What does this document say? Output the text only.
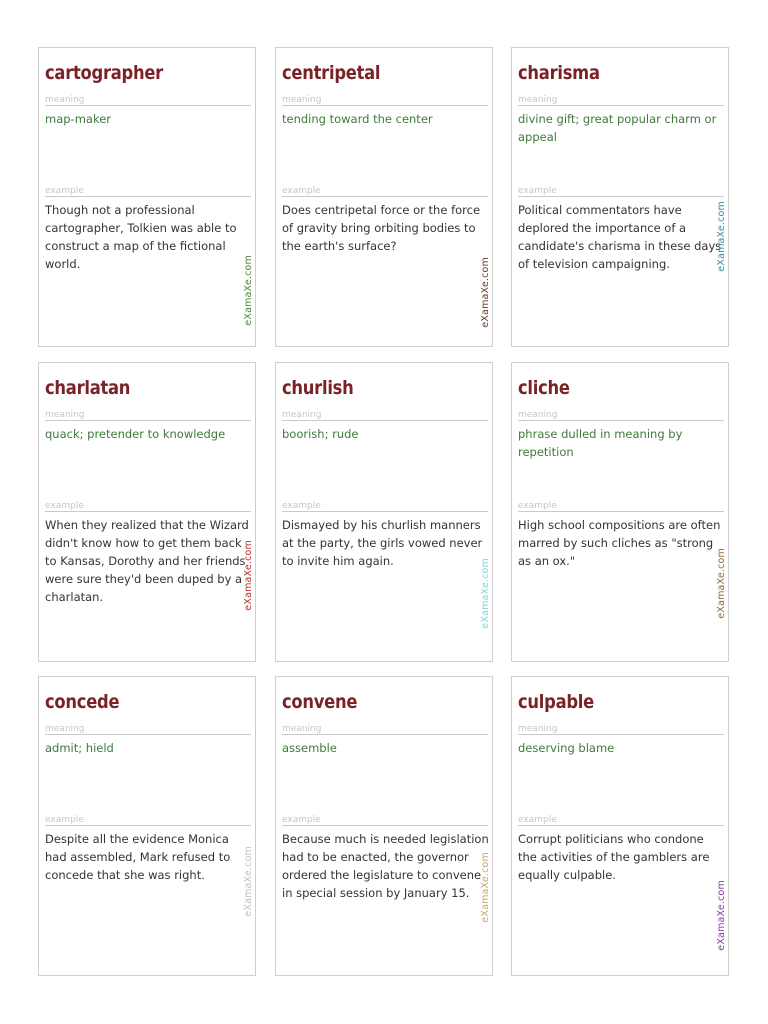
cartographer
meaning
map-maker
example
Though not a professional cartographer, Tolkien was able to construct a map of the fictional world.	eXamaXe.com
centripetal
meaning
tending toward the center
example
Does centripetal force or the force of gravity bring orbiting bodies to the earth's surface?
eXamaXe.com
charisma
meaning
divine gift; great popular charm or appeal
example
Political commentators have deplored the importance of a candidate's charisma in these days of television campaigning.	eXamaXe.com
charlatan
meaning
quack; pretender to knowledge
example
When they realized that the Wizard didn't know how to get them back to Kansas, Dorothy and her friends were sure they'd been duped by a charlatan.	eXamaXe.com
churlish
meaning
boorish; rude
example
Dismayed by his churlish manners at the party, the girls vowed never to invite him again.	eXamaXe.com
cliche
meaning
phrase dulled in meaning by repetition
example
High school compositions are often marred by such cliches as "strong as an ox."	eXamaXe.com
concede
meaning
admit; hield
example
Despite all the evidence Monica had assembled, Mark refused to concede that she was right.	eXamaXe.com
convene
meaning
assemble
example
Because much is needed legislation had to be enacted, the governor ordered the legislature to convene in special session by January 15.	eXamaXe.com
culpable
meaning
deserving blame
example
Corrupt politicians who condone the activities of the gamblers are equally culpable.
eXamaXe.com
